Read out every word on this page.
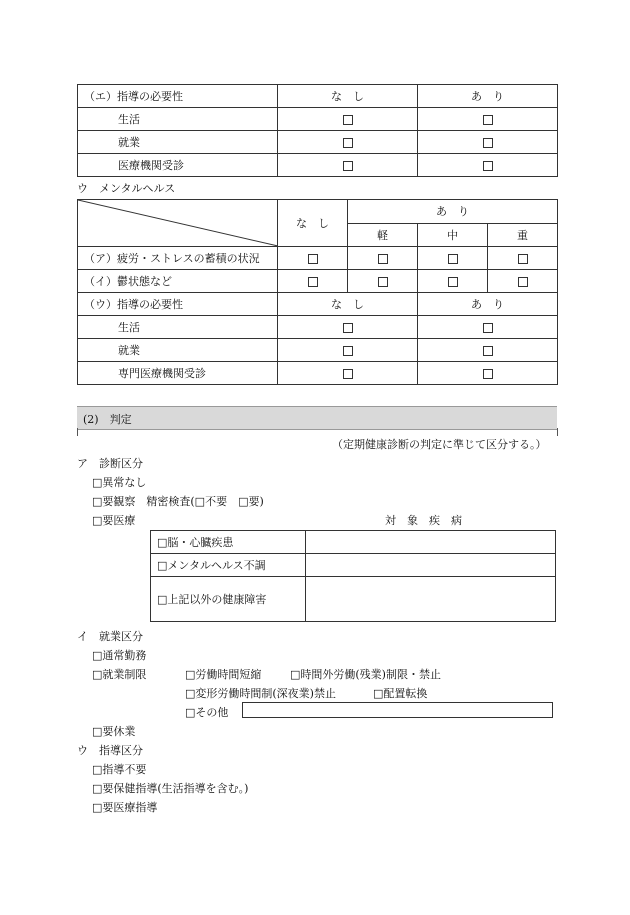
（エ）指導の必要性	な　し	あ　り
生活		
就業		
医療機関受診		
ウ　メンタルヘルス
	な　し	あ　り		
		軽	中	重
（ア）疲労・ストレスの蓄積の状況				
（イ）鬱状態など				
（ウ）指導の必要性	な　し		あ　り	
生活				
就業				
専門医療機関受診				
(2)　判定
（定期健康診断の判定に準じて区分する。）
ア　診断区分
□異常なし
□要観察　精密検査(□不要　□要)
□要医療	対　象　疾　病
□脳・心臓疾患	
□メンタルヘルス不調	
□上記以外の健康障害	
イ　就業区分
□通常勤務
□就業制限	□労働時間短縮	□時間外労働(残業)制限・禁止
□変形労働時間制(深夜業)禁止	□配置転換
□その他
□要休業
ウ　指導区分
□指導不要
□要保健指導(生活指導を含む。)
□要医療指導
